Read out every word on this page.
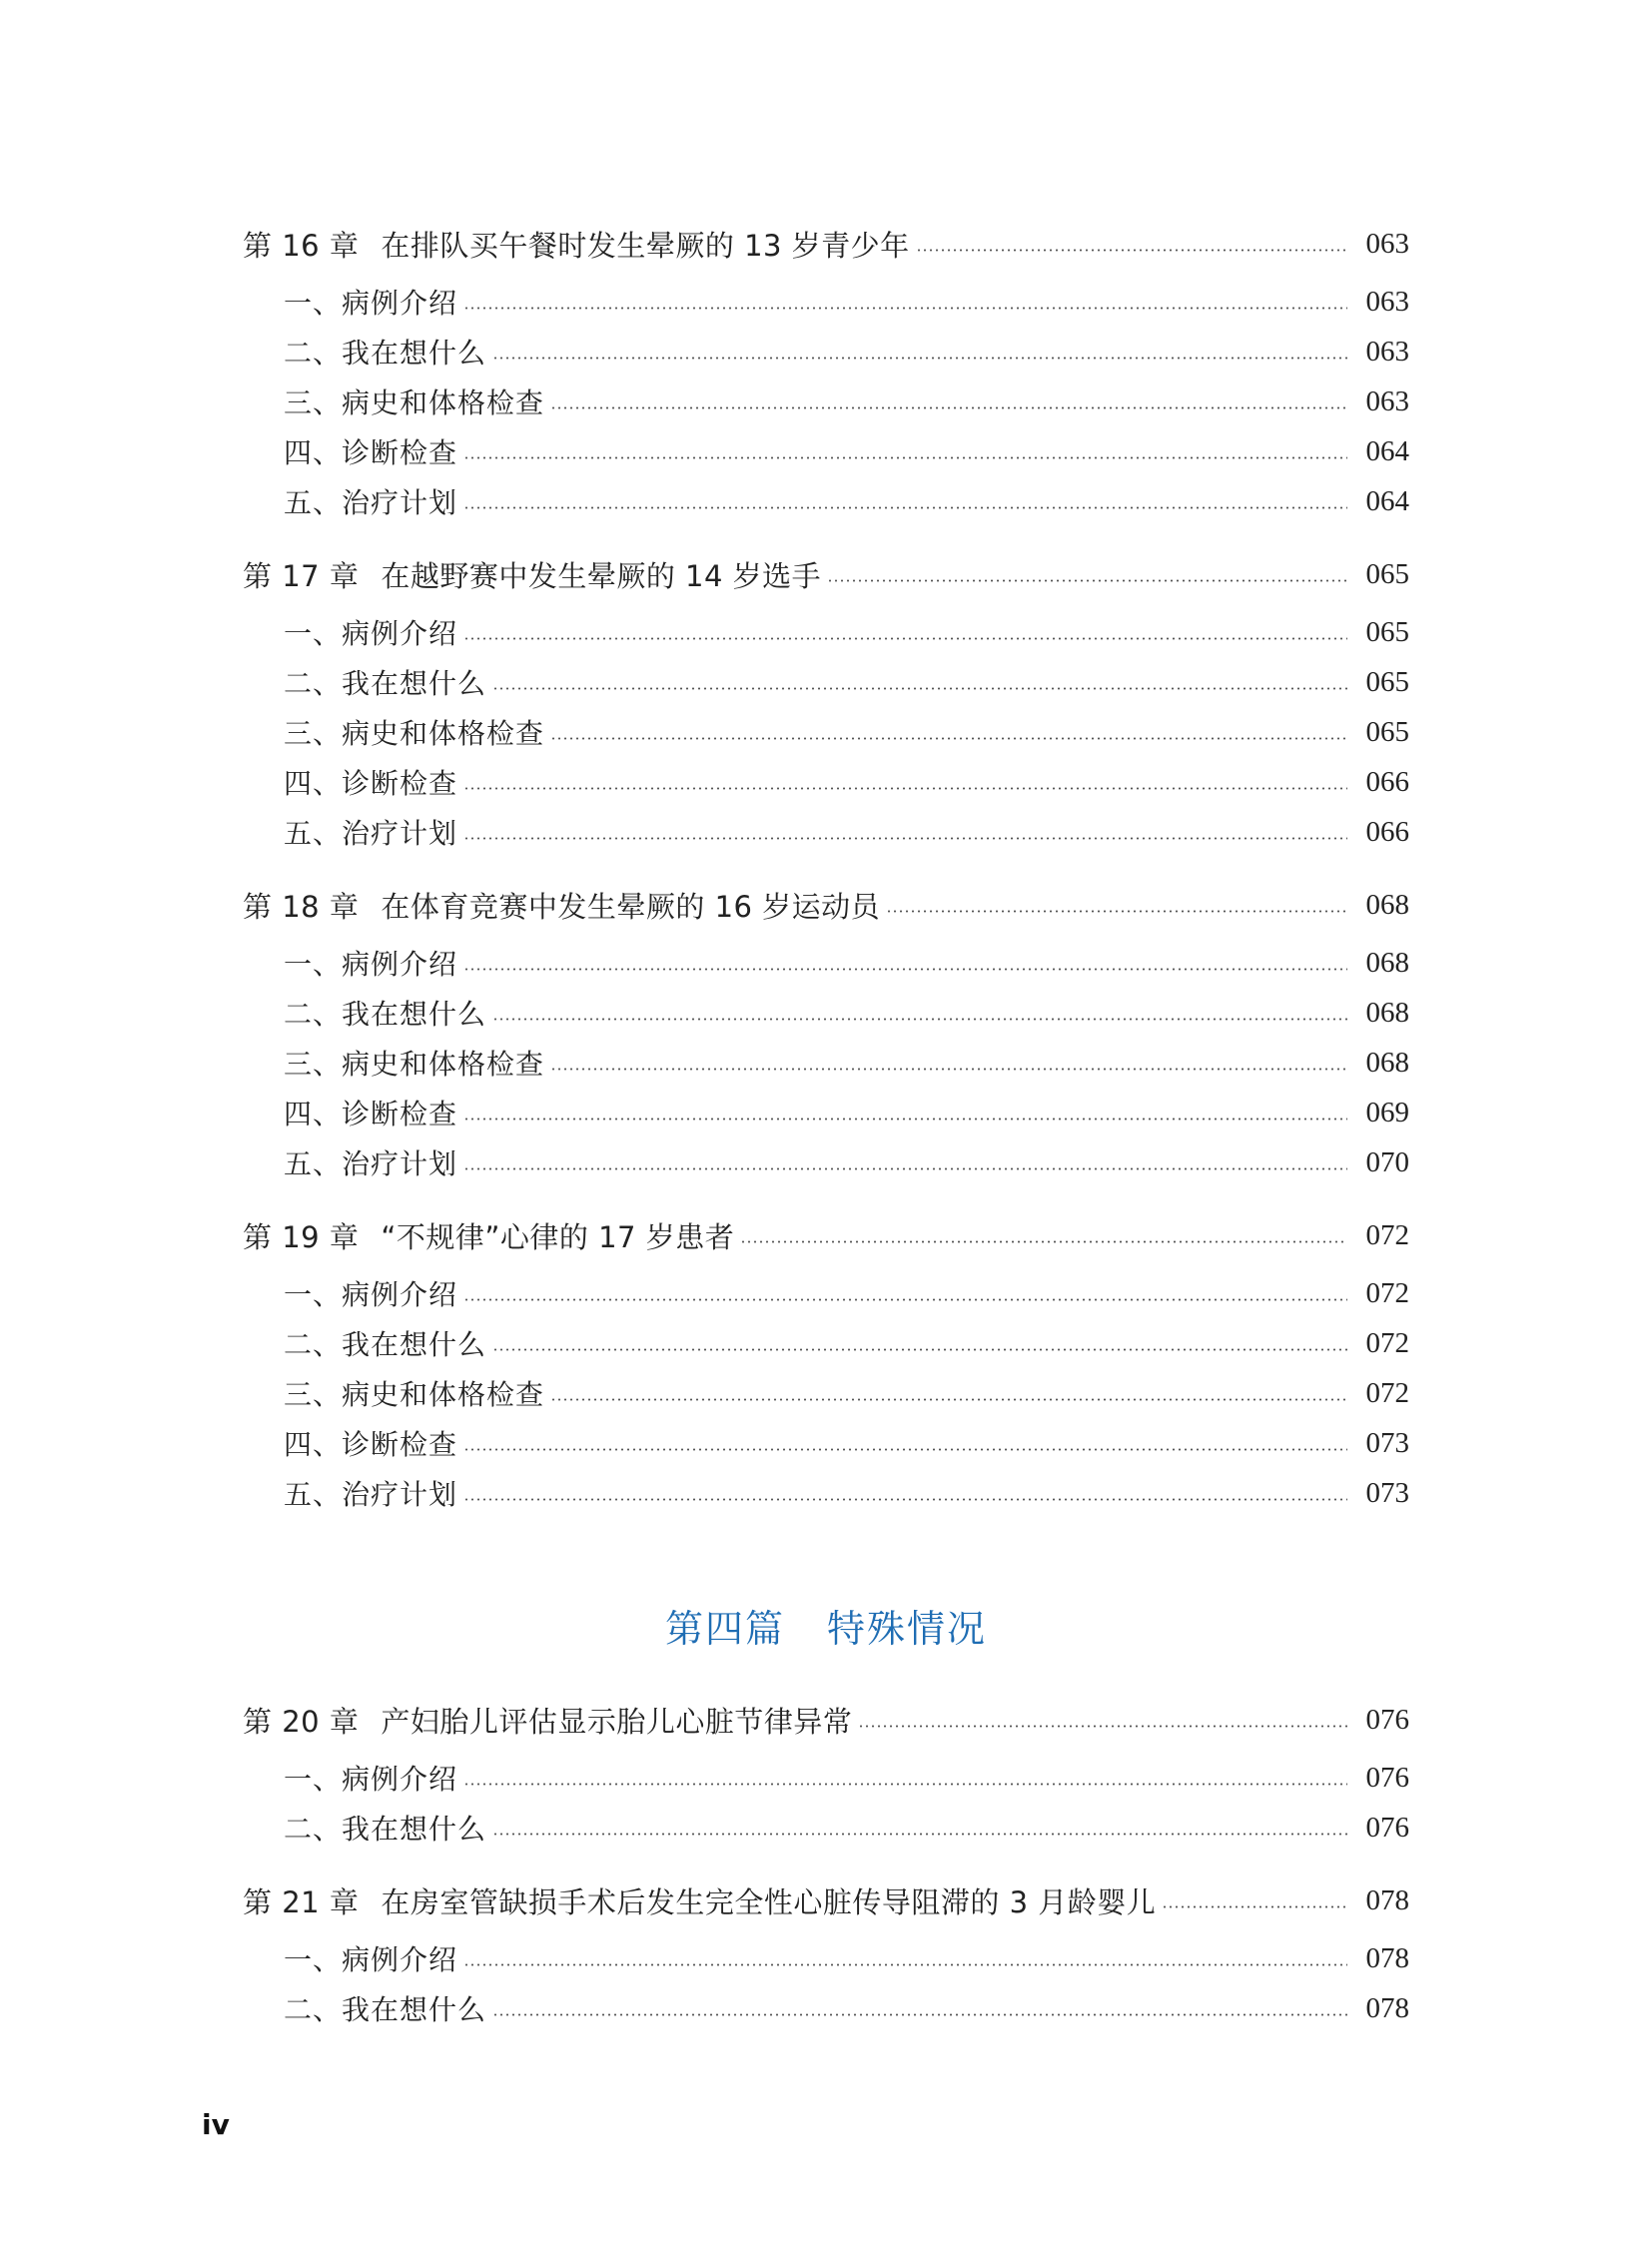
第 16 章 在排队买午餐时发生晕厥的 13 岁青少年	063
一、病例介绍	063
二、我在想什么	063
三、病史和体格检查	063
四、诊断检查	064
五、治疗计划	064
第 17 章 在越野赛中发生晕厥的 14 岁选手	065
一、病例介绍	065
二、我在想什么	065
三、病史和体格检查	065
四、诊断检查	066
五、治疗计划	066
第 18 章 在体育竞赛中发生晕厥的 16 岁运动员	068
一、病例介绍	068
二、我在想什么	068
三、病史和体格检查	068
四、诊断检查	069
五、治疗计划	070
第 19 章 “不规律”心律的 17 岁患者	072
一、病例介绍	072
二、我在想什么	072
三、病史和体格检查	072
四、诊断检查	073
五、治疗计划	073
第四篇 特殊情况
第 20 章 产妇胎儿评估显示胎儿心脏节律异常	076
一、病例介绍	076
二、我在想什么	076
第 21 章 在房室管缺损手术后发生完全性心脏传导阻滞的 3 月龄婴儿	078
一、病例介绍	078
二、我在想什么	078
iv
